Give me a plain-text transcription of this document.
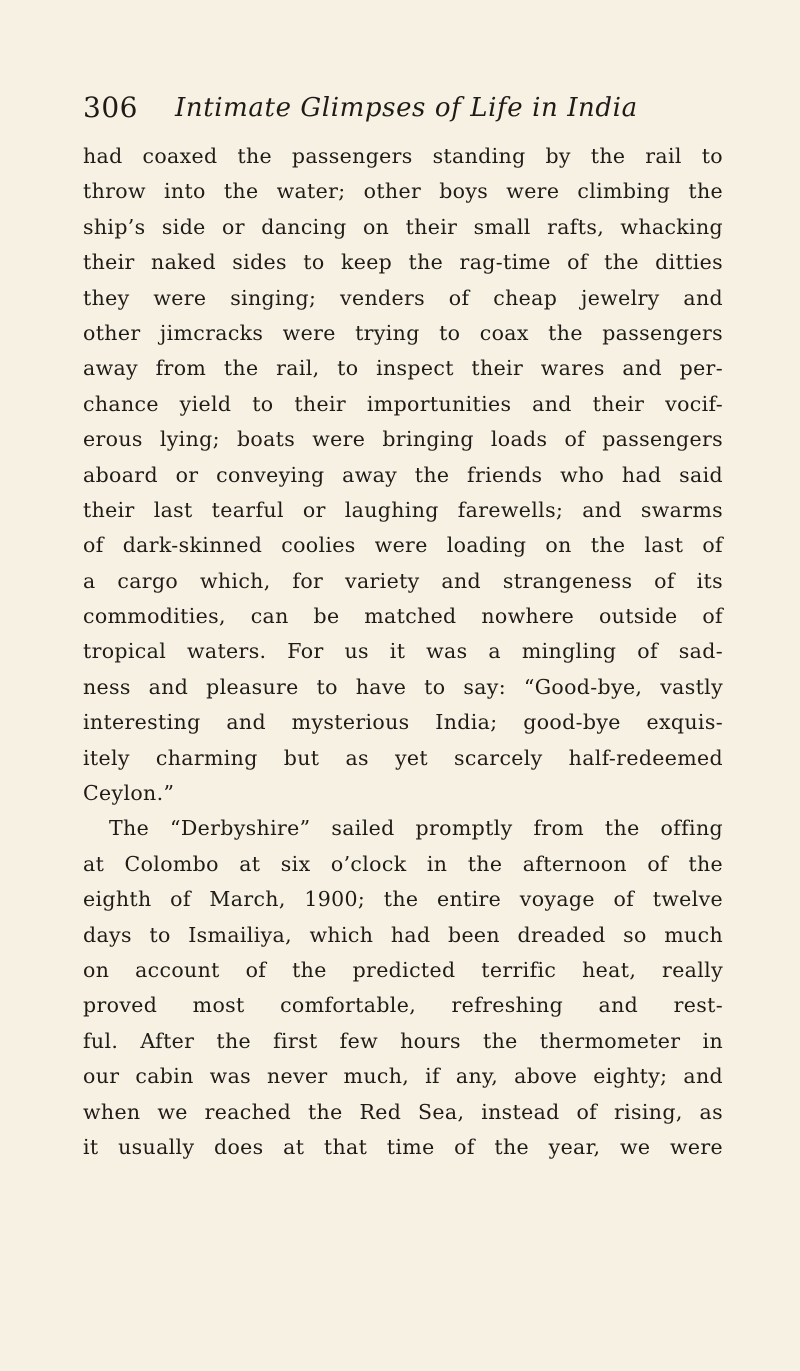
306 Intimate Glimpses of Life in India
had coaxed the passengers standing by the rail to
throw into the water; other boys were climbing the
ship’s side or dancing on their small rafts, whacking
their naked sides to keep the rag-time of the ditties
they were singing; venders of cheap jewelry and
other jimcracks were trying to coax the passengers
away from the rail, to inspect their wares and per-
chance yield to their importunities and their vocif-
erous lying; boats were bringing loads of passengers
aboard or conveying away the friends who had said
their last tearful or laughing farewells; and swarms
of dark-skinned coolies were loading on the last of
a cargo which, for variety and strangeness of its
commodities, can be matched nowhere outside of
tropical waters. For us it was a mingling of sad-
ness and pleasure to have to say: “Good-bye, vastly
interesting and mysterious India; good-bye exquis-
itely charming but as yet scarcely half-redeemed
Ceylon.”
The “Derbyshire” sailed promptly from the offing
at Colombo at six o’clock in the afternoon of the
eighth of March, 1900; the entire voyage of twelve
days to Ismailiya, which had been dreaded so much
on account of the predicted terrific heat, really
proved most comfortable, refreshing and rest-
ful. After the first few hours the thermometer in
our cabin was never much, if any, above eighty; and
when we reached the Red Sea, instead of rising, as
it usually does at that time of the year, we were
